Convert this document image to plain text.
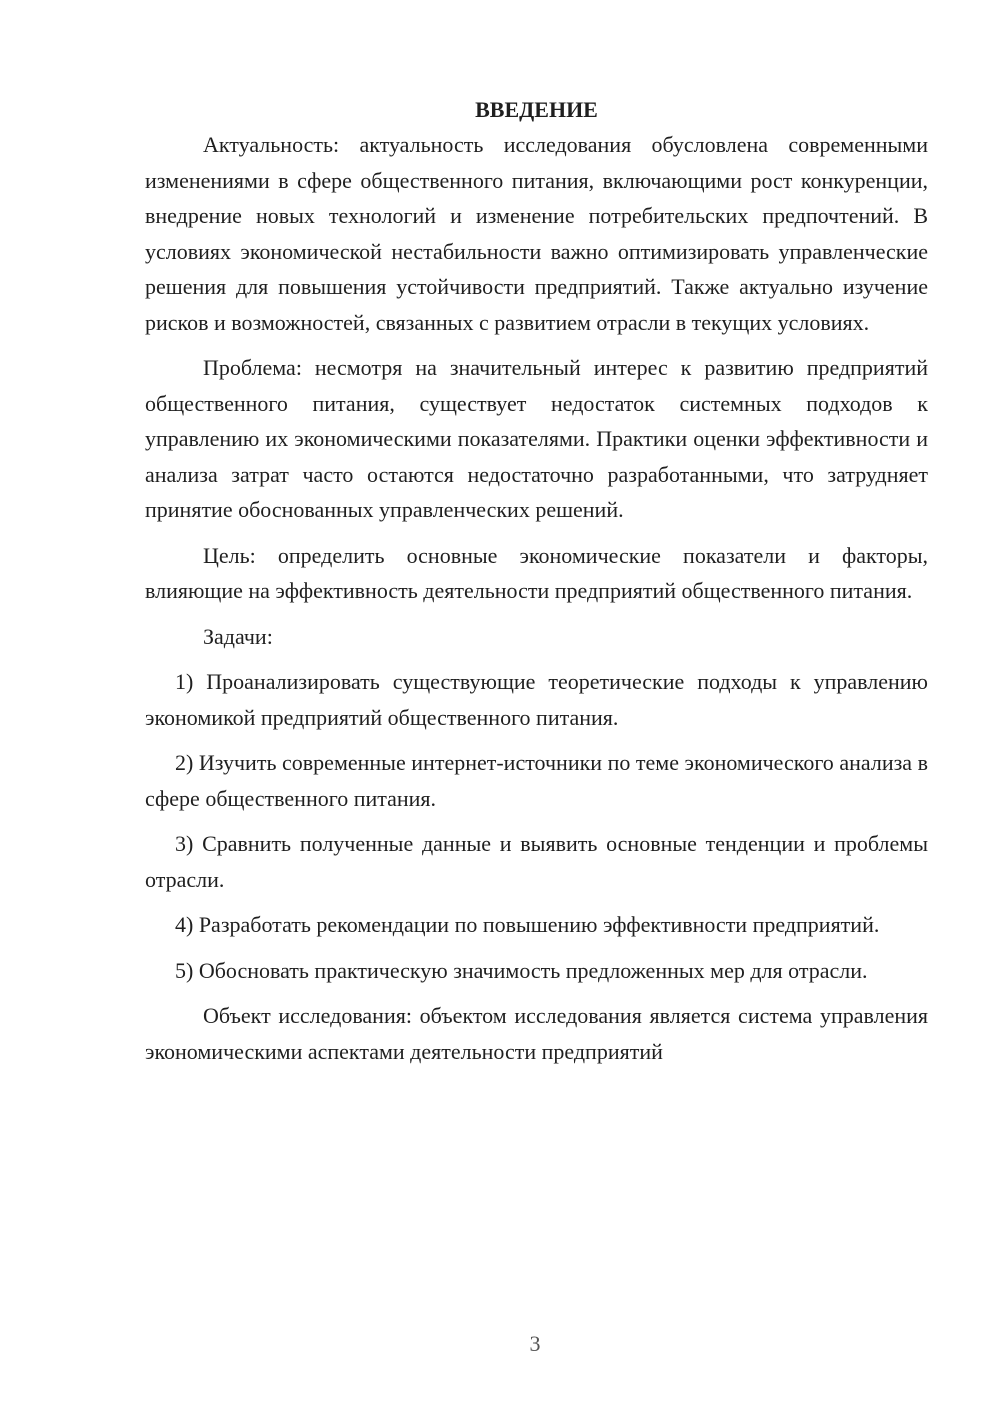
ВВЕДЕНИЕ

Актуальность: актуальность исследования обусловлена современными изменениями в сфере общественного питания, включающими рост конкуренции, внедрение новых технологий и изменение потребительских предпочтений. В условиях экономической нестабильности важно оптимизировать управленческие решения для повышения устойчивости предприятий. Также актуально изучение рисков и возможностей, связанных с развитием отрасли в текущих условиях.

Проблема: несмотря на значительный интерес к развитию предприятий общественного питания, существует недостаток системных подходов к управлению их экономическими показателями. Практики оценки эффективности и анализа затрат часто остаются недостаточно разработанными, что затрудняет принятие обоснованных управленческих решений.

Цель: определить основные экономические показатели и факторы, влияющие на эффективность деятельности предприятий общественного питания.

Задачи:

1) Проанализировать существующие теоретические подходы к управлению экономикой предприятий общественного питания.

2) Изучить современные интернет-источники по теме экономического анализа в сфере общественного питания.

3) Сравнить полученные данные и выявить основные тенденции и проблемы отрасли.

4) Разработать рекомендации по повышению эффективности предприятий.

5) Обосновать практическую значимость предложенных мер для отрасли.

Объект исследования: объектом исследования является система управления экономическими аспектами деятельности предприятий

3
